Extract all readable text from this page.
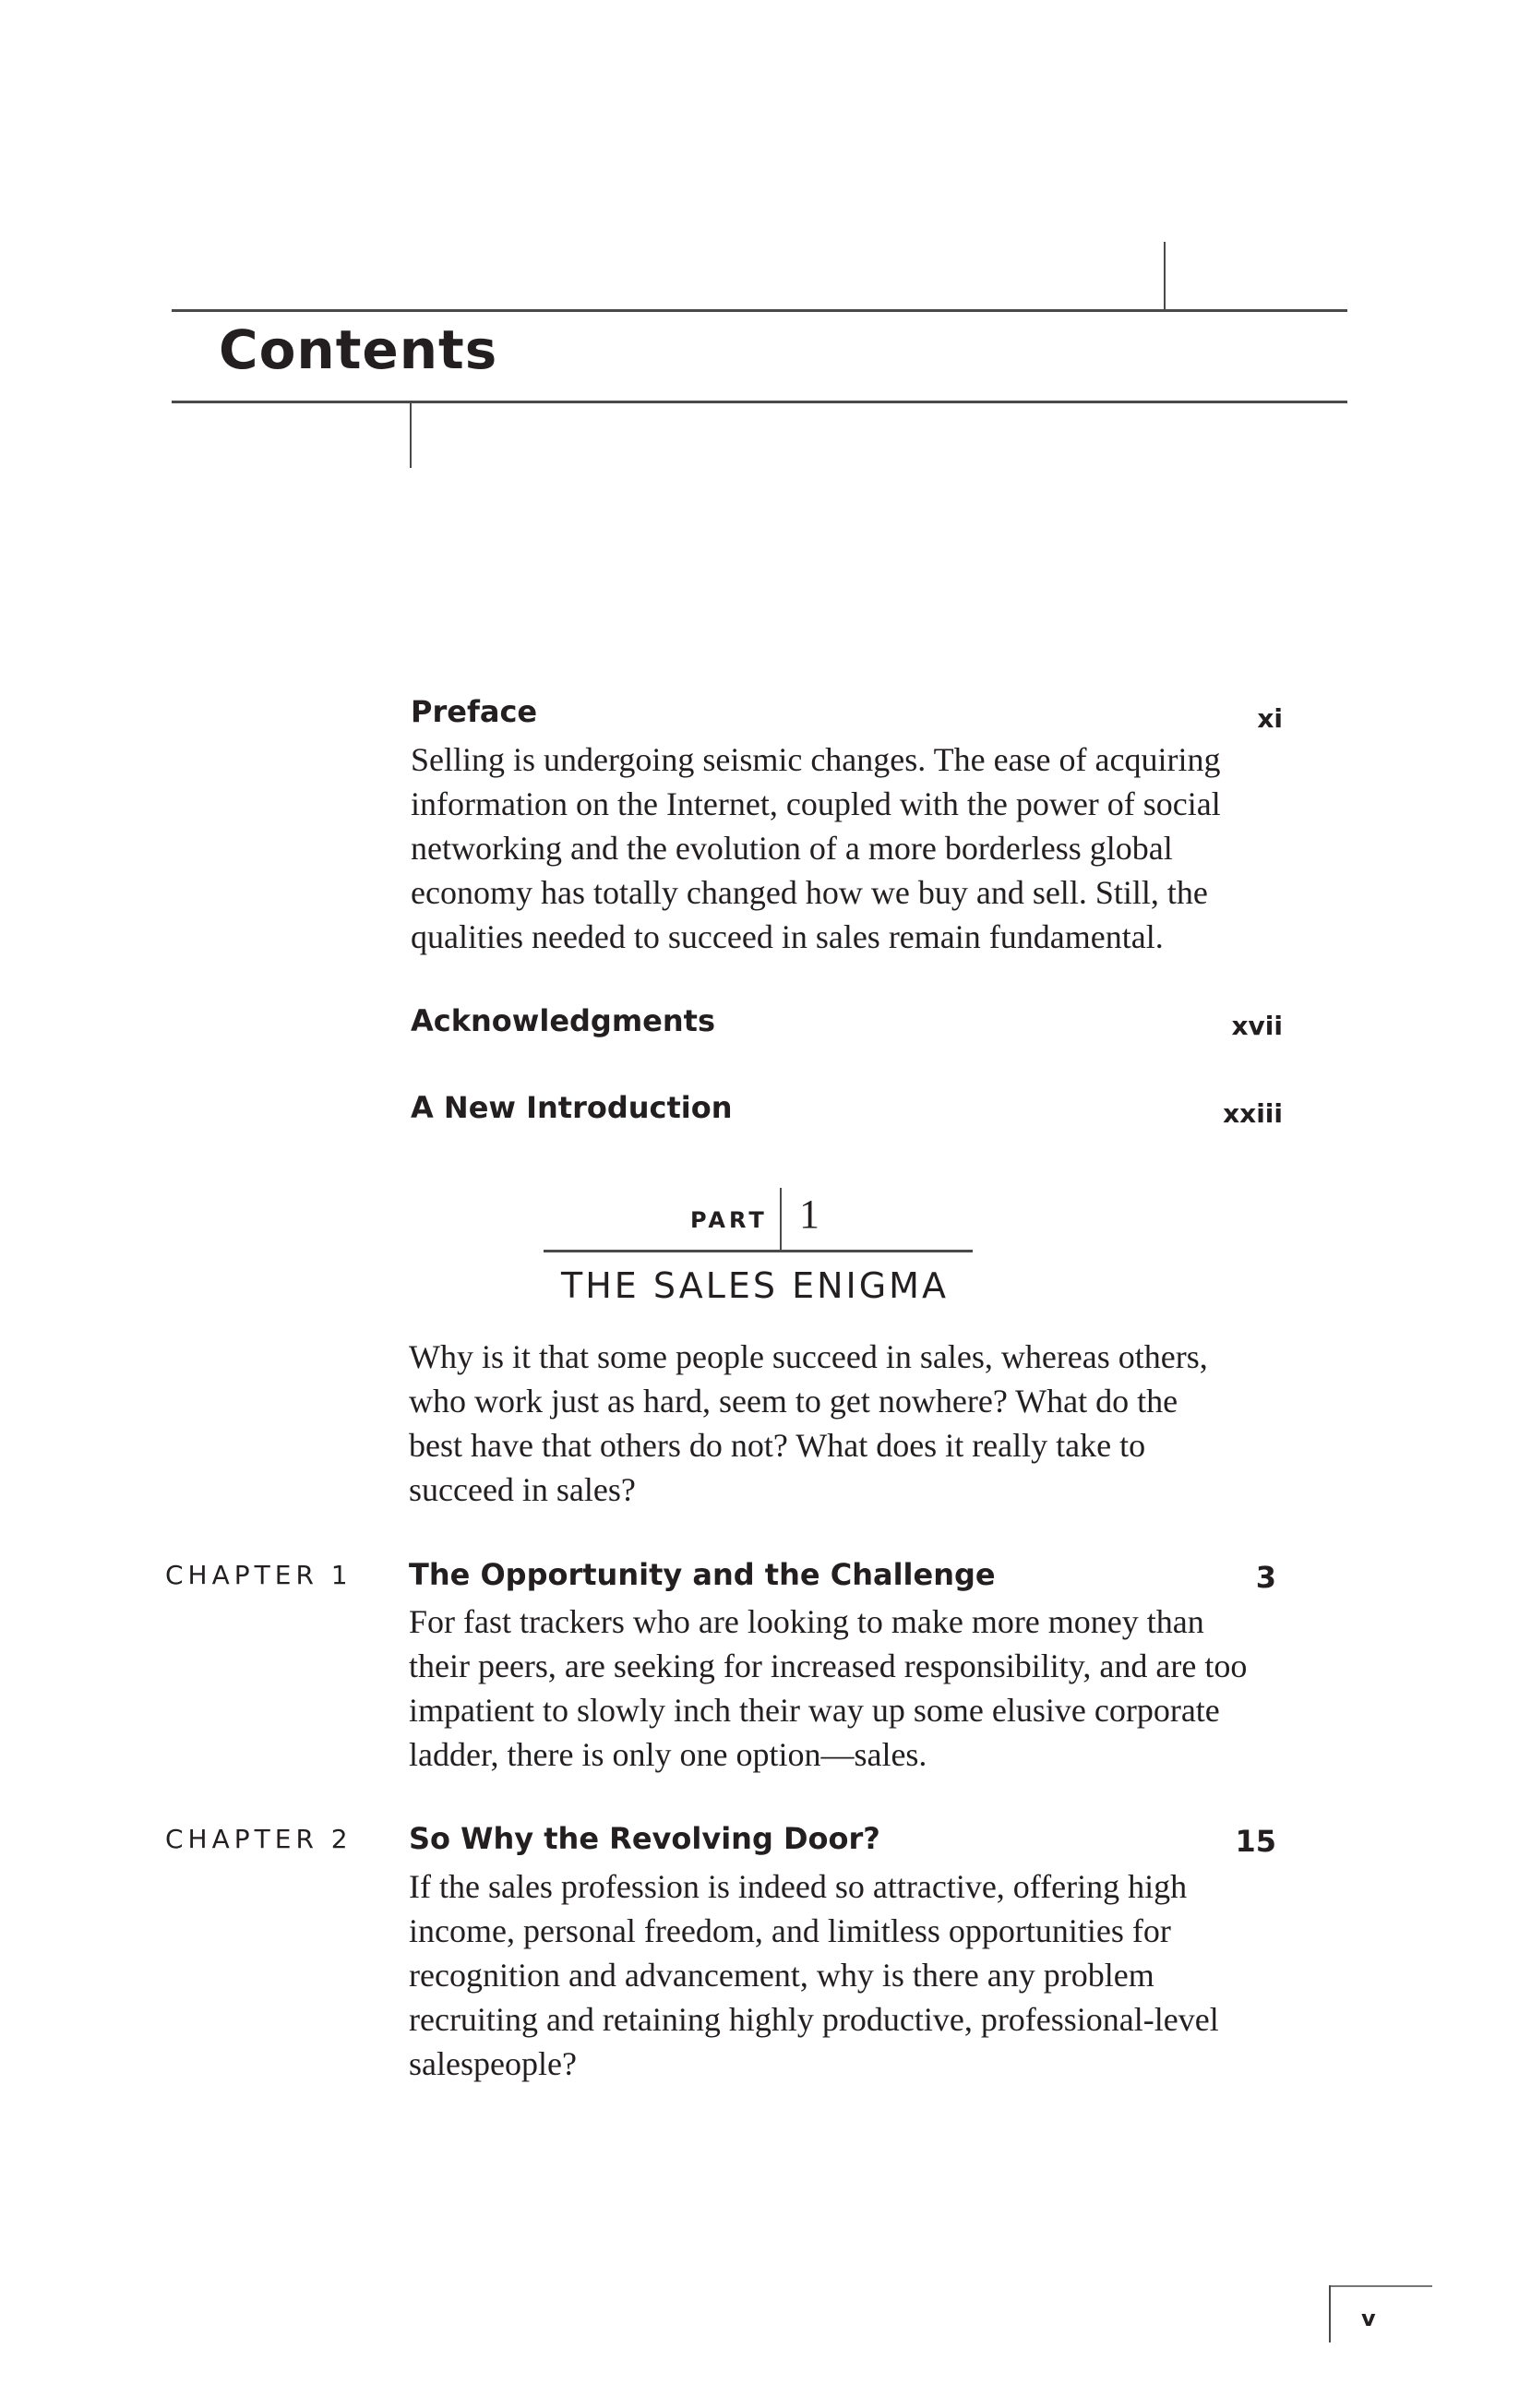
Contents
Preface	xi
Selling is undergoing seismic changes. The ease of acquiring
information on the Internet, coupled with the power of social
networking and the evolution of a more borderless global
economy has totally changed how we buy and sell. Still, the
qualities needed to succeed in sales remain fundamental.
Acknowledgments	xvii
A New Introduction	xxiii
PART 1
THE SALES ENIGMA
Why is it that some people succeed in sales, whereas others,
who work just as hard, seem to get nowhere? What do the
best have that others do not? What does it really take to
succeed in sales?
CHAPTER 1 The Opportunity and the Challenge	3
For fast trackers who are looking to make more money than
their peers, are seeking for increased responsibility, and are too
impatient to slowly inch their way up some elusive corporate
ladder, there is only one option—sales.
CHAPTER 2 So Why the Revolving Door?	15
If the sales profession is indeed so attractive, offering high
income, personal freedom, and limitless opportunities for
recognition and advancement, why is there any problem
recruiting and retaining highly productive, professional-level
salespeople?
v
